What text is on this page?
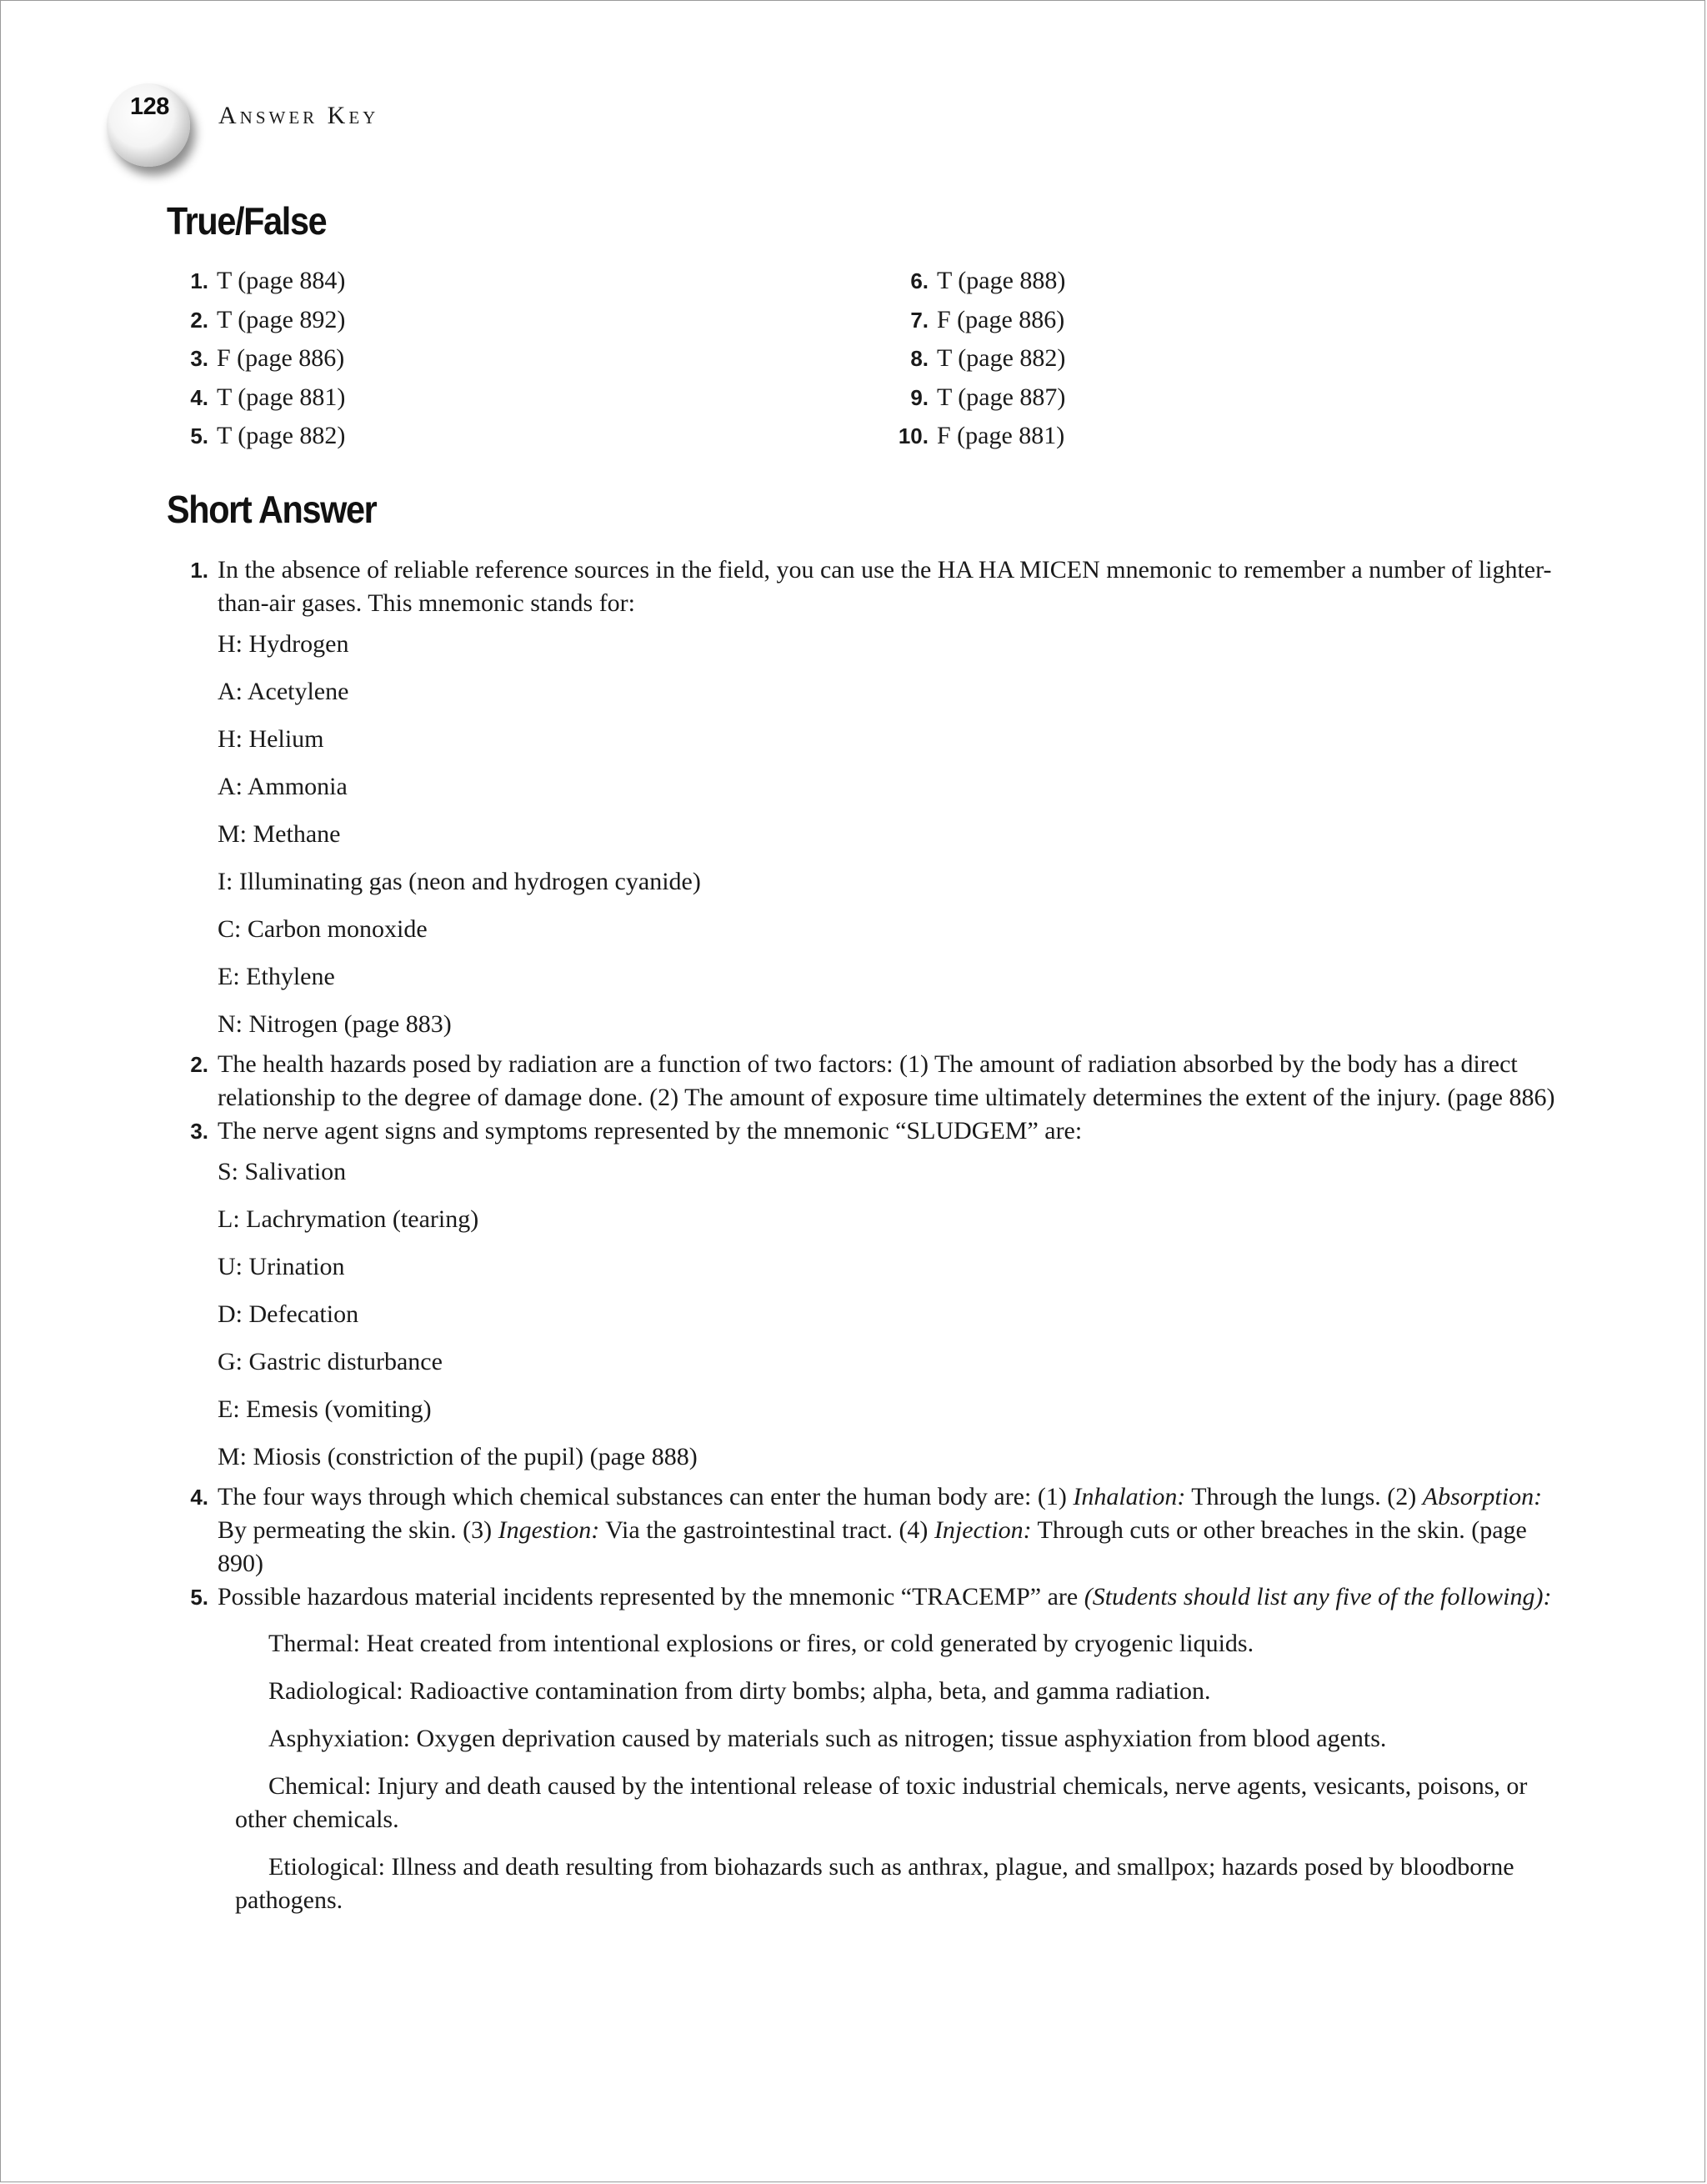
128 Answer Key
True/False
1. T (page 884)
2. T (page 892)
3. F (page 886)
4. T (page 881)
5. T (page 882)
6. T (page 888)
7. F (page 886)
8. T (page 882)
9. T (page 887)
10. F (page 881)
Short Answer
1. In the absence of reliable reference sources in the field, you can use the HA HA MICEN mnemonic to remember a number of lighter-than-air gases. This mnemonic stands for:

H: Hydrogen

A: Acetylene

H: Helium

A: Ammonia

M: Methane

I: Illuminating gas (neon and hydrogen cyanide)

C: Carbon monoxide

E: Ethylene

N: Nitrogen (page 883)

2. The health hazards posed by radiation are a function of two factors: (1) The amount of radiation absorbed by the body has a direct relationship to the degree of damage done. (2) The amount of exposure time ultimately determines the extent of the injury. (page 886)

3. The nerve agent signs and symptoms represented by the mnemonic “SLUDGEM” are:

S: Salivation

L: Lachrymation (tearing)

U: Urination

D: Defecation

G: Gastric disturbance

E: Emesis (vomiting)

M: Miosis (constriction of the pupil) (page 888)

4. The four ways through which chemical substances can enter the human body are: (1) Inhalation: Through the lungs. (2) Absorption: By permeating the skin. (3) Ingestion: Via the gastrointestinal tract. (4) Injection: Through cuts or other breaches in the skin. (page 890)

5. Possible hazardous material incidents represented by the mnemonic “TRACEMP” are (Students should list any five of the following):

Thermal: Heat created from intentional explosions or fires, or cold generated by cryogenic liquids.

Radiological: Radioactive contamination from dirty bombs; alpha, beta, and gamma radiation.

Asphyxiation: Oxygen deprivation caused by materials such as nitrogen; tissue asphyxiation from blood agents.

Chemical: Injury and death caused by the intentional release of toxic industrial chemicals, nerve agents, vesicants, poisons, or other chemicals.

Etiological: Illness and death resulting from biohazards such as anthrax, plague, and smallpox; hazards posed by bloodborne pathogens.
